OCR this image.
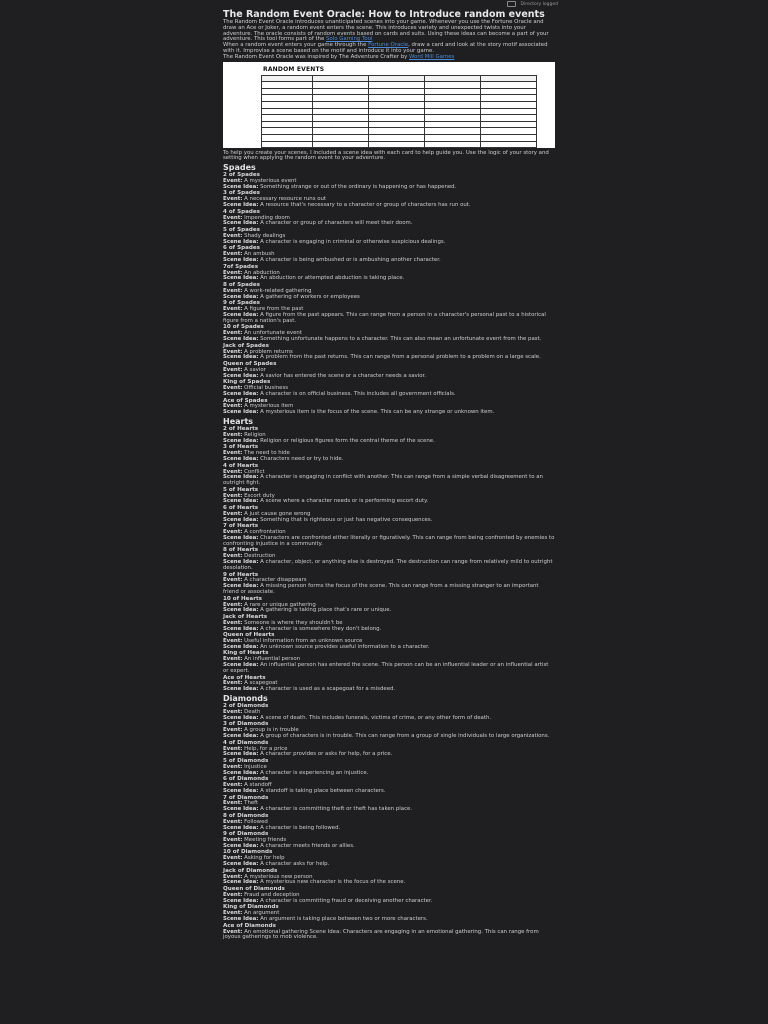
Directory logged
The Random Event Oracle: How to Introduce random events

The Random Event Oracle introduces unanticipated scenes into your game. Whenever you use the Fortune Oracle and draw an Ace or Joker, a random event enters the scene. This introduces variety and unexpected twists into your adventure. The oracle consists of random events based on cards and suits. Using these ideas can become a part of your adventure. This tool forms part of the Solo Gaming Tool

When a random event enters your game through the Fortune Oracle, draw a card and look at the story motif associated with it. Improvise a scene based on the motif and introduce it into your game.

The Random Event Oracle was inspired by The Adventure Crafter by Word Mill Games

RANDOM EVENTS

To help you create your scenes, I included a scene idea with each card to help guide you. Use the logic of your story and setting when applying the random event to your adventure.

Spades
2 of Spades
Event: A mysterious event
Scene Idea: Something strange or out of the ordinary is happening or has happened.
3 of Spades
Event: A necessary resource runs out
Scene Idea: A resource that's necessary to a character or group of characters has run out.
4 of Spades
Event: Impending doom
Scene Idea: A character or group of characters will meet their doom.
5 of Spades
Event: Shady dealings
Scene Idea: A character is engaging in criminal or otherwise suspicious dealings.
6 of Spades
Event: An ambush
Scene Idea: A character is being ambushed or is ambushing another character.
7of Spades
Event: An abduction
Scene Idea: An abduction or attempted abduction is taking place.
8 of Spades
Event: A work-related gathering
Scene Idea: A gathering of workers or employees
9 of Spades
Event: A figure from the past
Scene Idea: A figure from the past appears. This can range from a person in a character's personal past to a historical figure from a nation's past.
10 of Spades
Event: An unfortunate event
Scene Idea: Something unfortunate happens to a character. This can also mean an unfortunate event from the past.
Jack of Spades
Event: A problem returns
Scene Idea: A problem from the past returns. This can range from a personal problem to a problem on a large scale.
Queen of Spades
Event: A savior
Scene Idea: A savior has entered the scene or a character needs a savior.
King of Spades
Event: Official business
Scene Idea: A character is on official business. This includes all government officials.
Ace of Spades
Event: A mysterious item
Scene Idea: A mysterious item is the focus of the scene. This can be any strange or unknown item.
Hearts
2 of Hearts
Event: Religion
Scene Idea: Religion or religious figures form the central theme of the scene.
3 of Hearts
Event: The need to hide
Scene Idea: Characters need or try to hide.
4 of Hearts
Event: Conflict
Scene Idea: A character is engaging in conflict with another. This can range from a simple verbal disagreement to an outright fight.
5 of Hearts
Event: Escort duty
Scene Idea: A scene where a character needs or is performing escort duty.
6 of Hearts
Event: A just cause gone wrong
Scene Idea: Something that is righteous or just has negative consequences.
7 of Hearts
Event: A confrontation
Scene Idea: Characters are confronted either literally or figuratively. This can range from being confronted by enemies to confronting injustice in a community.
8 of Hearts
Event: Destruction
Scene Idea: A character, object, or anything else is destroyed. The destruction can range from relatively mild to outright desolation.
9 of Hearts
Event: A character disappears
Scene Idea: A missing person forms the focus of the scene. This can range from a missing stranger to an important friend or associate.
10 of Hearts
Event: A rare or unique gathering
Scene Idea: A gathering is taking place that's rare or unique.
Jack of Hearts
Event: Someone is where they shouldn't be
Scene Idea: A character is somewhere they don't belong.
Queen of Hearts
Event: Useful information from an unknown source
Scene Idea: An unknown source provides useful information to a character.
King of Hearts
Event: An influential person
Scene Idea: An influential person has entered the scene. This person can be an influential leader or an influential artist or expert.
Ace of Hearts
Event: A scapegoat
Scene Idea: A character is used as a scapegoat for a misdeed.
Diamonds
2 of Diamonds
Event: Death
Scene Idea: A scene of death. This includes funerals, victims of crime, or any other form of death.
3 of Diamonds
Event: A group is in trouble
Scene Idea: A group of characters is in trouble. This can range from a group of single individuals to large organizations.
4 of Diamonds
Event: Help, for a price
Scene Idea: A character provides or asks for help, for a price.
5 of Diamonds
Event: Injustice
Scene Idea: A character is experiencing an injustice.
6 of Diamonds
Event: A standoff
Scene Idea: A standoff is taking place between characters.
7 of Diamonds
Event: Theft
Scene Idea: A character is committing theft or theft has taken place.
8 of Diamonds
Event: Followed
Scene Idea: A character is being followed.
9 of Diamonds
Event: Meeting friends
Scene Idea: A character meets friends or allies.
10 of Diamonds
Event: Asking for help
Scene Idea: A character asks for help.
Jack of Diamonds
Event: A mysterious new person
Scene Idea: A mysterious new character is the focus of the scene.
Queen of Diamonds
Event: Fraud and deception
Scene Idea: A character is committing fraud or deceiving another character.
King of Diamonds
Event: An argument
Scene Idea: An argument is taking place between two or more characters.
Ace of Diamonds
Event: An emotional gathering Scene Idea: Characters are engaging in an emotional gathering. This can range from joyous gatherings to mob violence.
